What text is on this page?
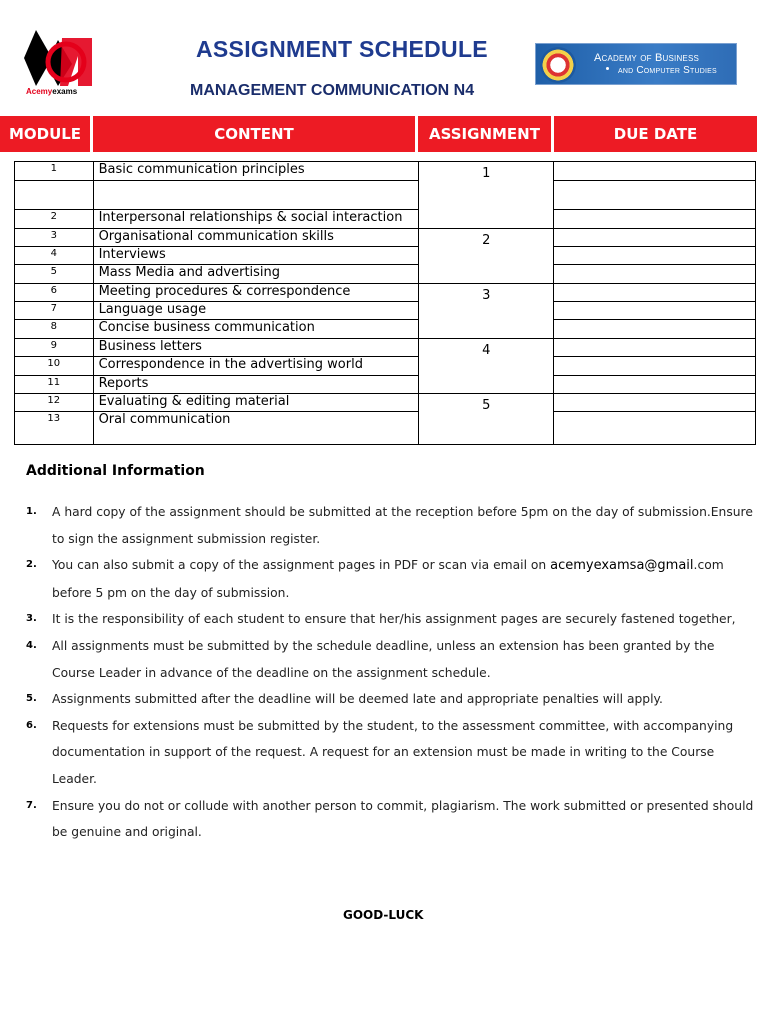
Acemyexams
ASSIGNMENT SCHEDULE
MANAGEMENT COMMUNICATION N4
Academy of Business
and Computer Studies
MODULE	CONTENT	ASSIGNMENT	DUE DATE
1	Basic communication principles	1	

2	Interpersonal relationships & social interaction		
3	Organisational communication skills	2	
4	Interviews		
5	Mass Media and advertising		
6	Meeting procedures & correspondence	3	
7	Language usage		
8	Concise business communication		
9	Business letters	4	
10	Correspondence in the advertising world		
11	Reports		
12	Evaluating & editing material	5	
13	Oral communication		
Additional Information
1. A hard copy of the assignment should be submitted at the reception before 5pm on the day of submission.Ensure to sign the assignment submission register.
2. You can also submit a copy of the assignment pages in PDF or scan via email on acemyexamsa@gmail.com before 5 pm on the day of submission.
3. It is the responsibility of each student to ensure that her/his assignment pages are securely fastened together,
4. All assignments must be submitted by the schedule deadline, unless an extension has been granted by the Course Leader in advance of the deadline on the assignment schedule.
5. Assignments submitted after the deadline will be deemed late and appropriate penalties will apply.
6. Requests for extensions must be submitted by the student, to the assessment committee, with accompanying documentation in support of the request. A request for an extension must be made in writing to the Course Leader.
7. Ensure you do not or collude with another person to commit, plagiarism. The work submitted or presented should be genuine and original.
GOOD-LUCK
